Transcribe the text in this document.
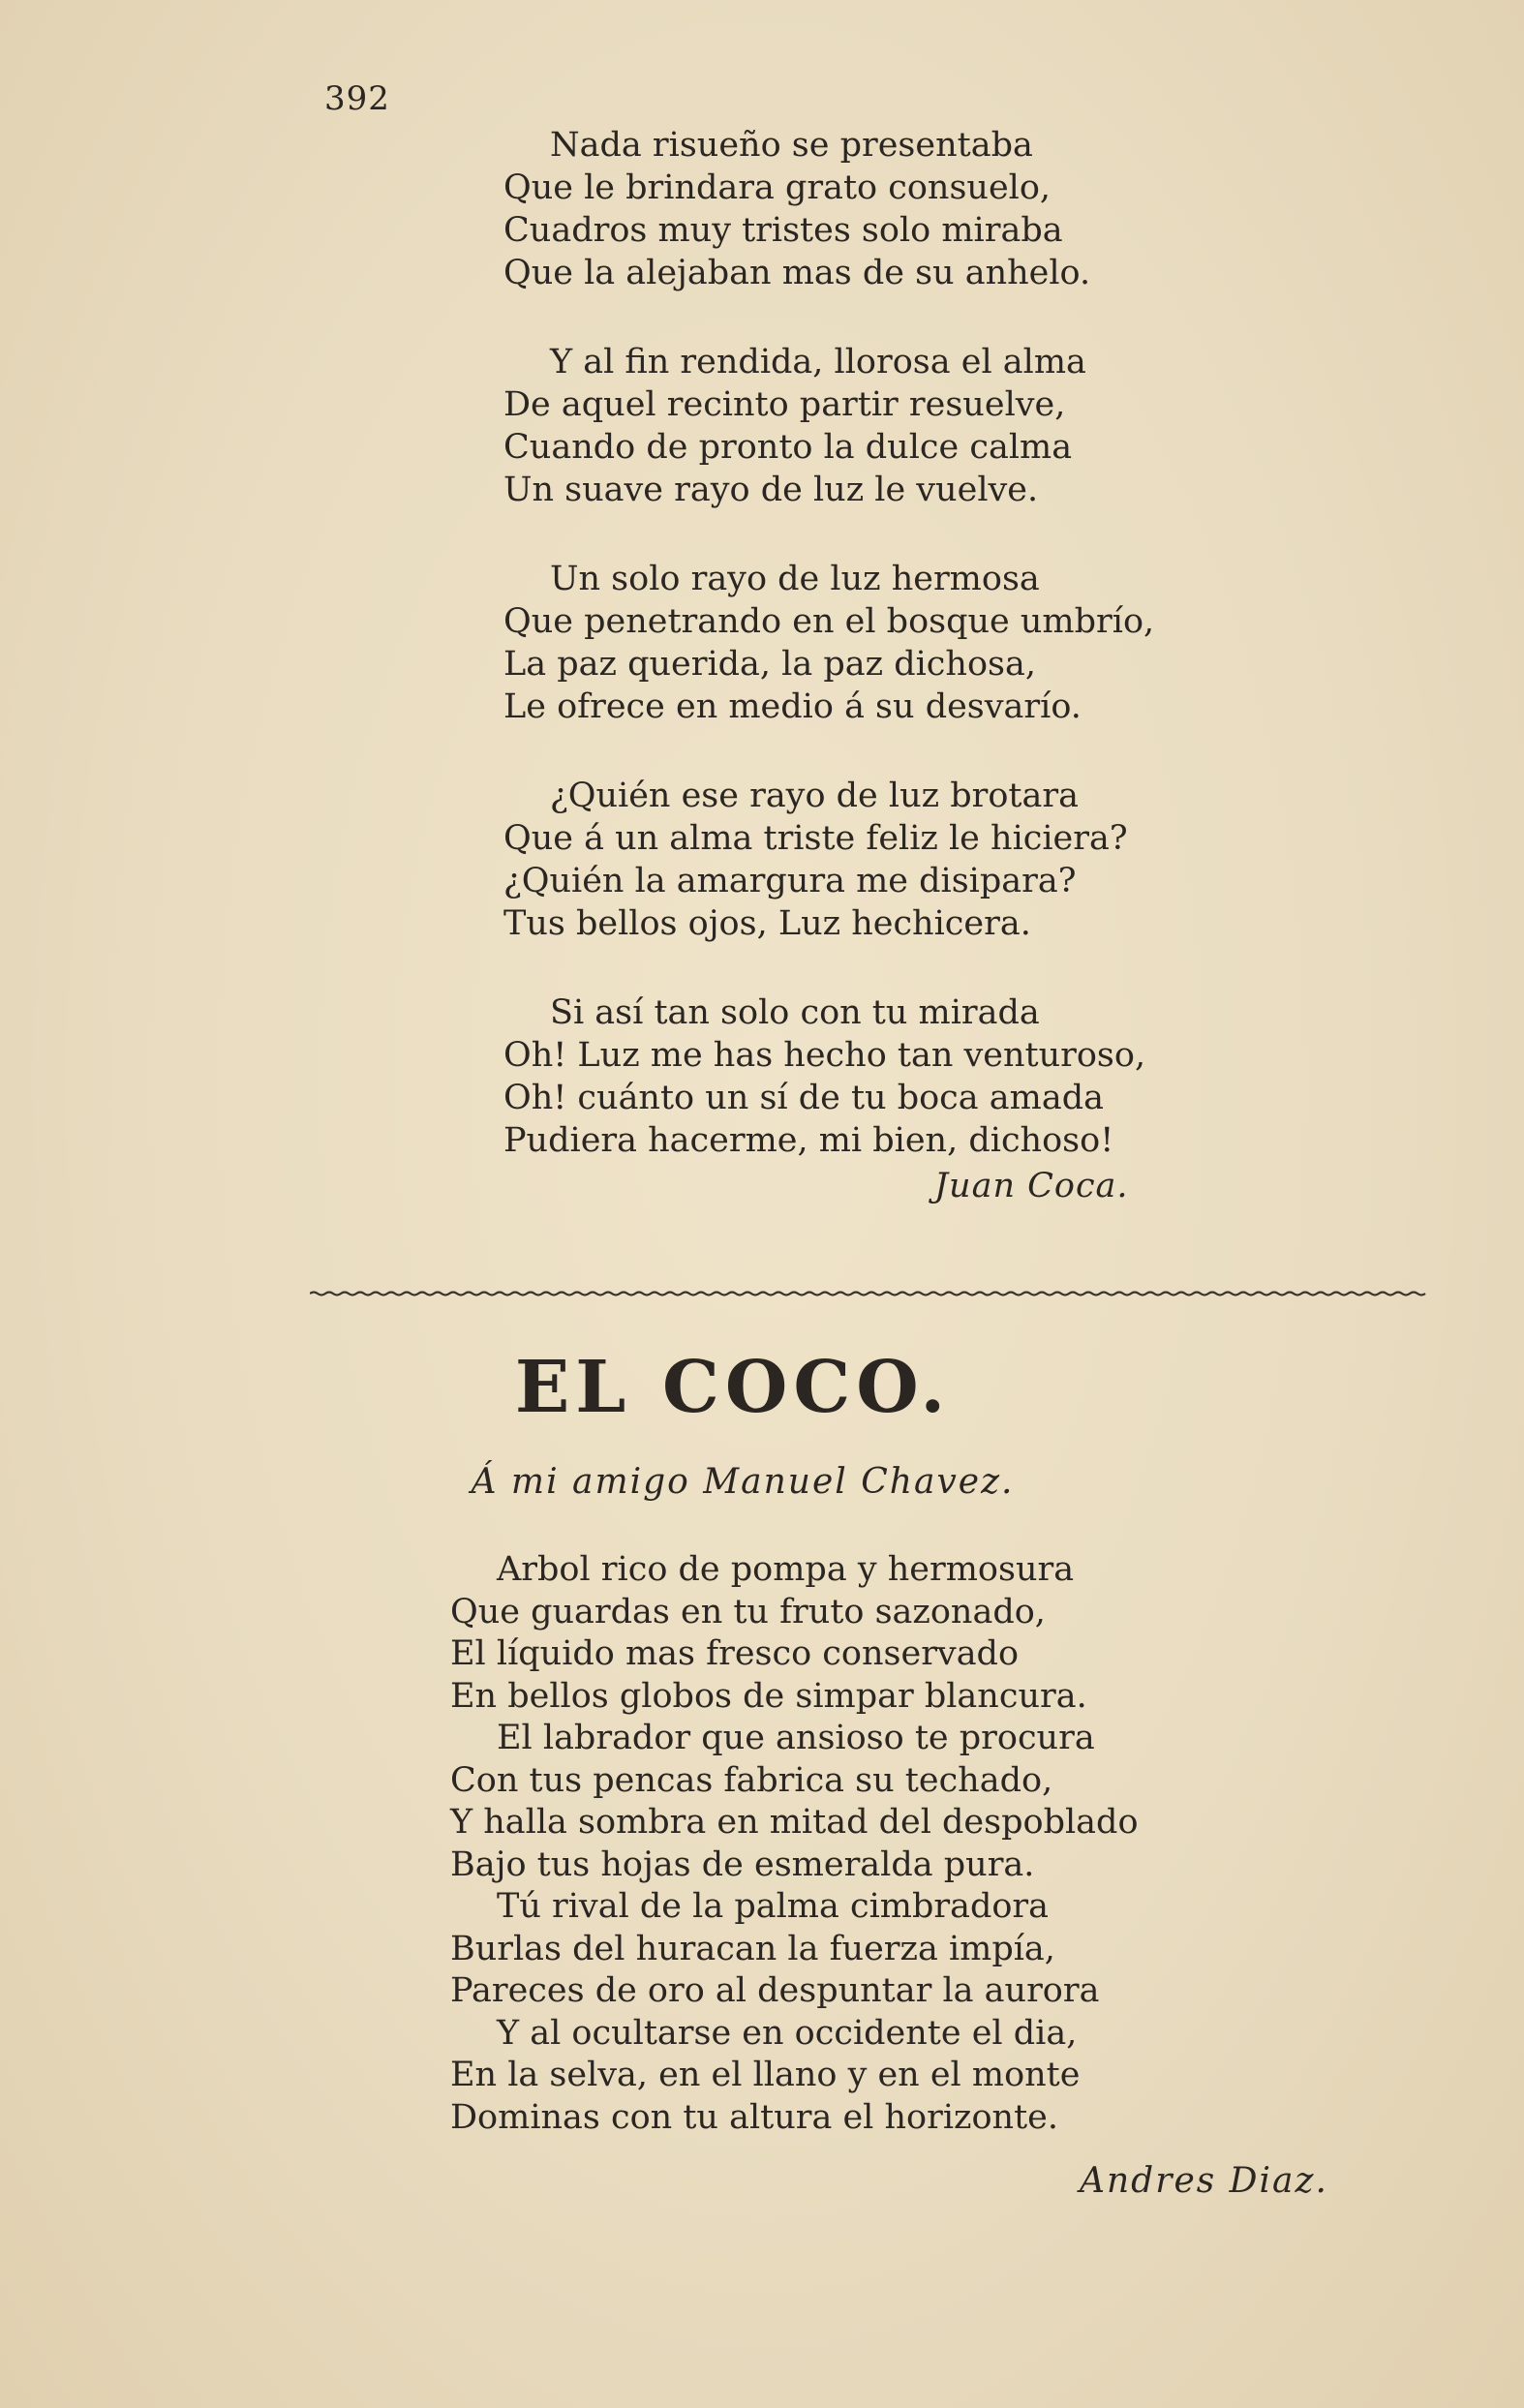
392
Nada risueño se presentaba
Que le brindara grato consuelo,
Cuadros muy tristes solo miraba
Que la alejaban mas de su anhelo.
Y al fin rendida, llorosa el alma
De aquel recinto partir resuelve,
Cuando de pronto la dulce calma
Un suave rayo de luz le vuelve.
Un solo rayo de luz hermosa
Que penetrando en el bosque umbrío,
La paz querida, la paz dichosa,
Le ofrece en medio á su desvarío.
¿Quién ese rayo de luz brotara
Que á un alma triste feliz le hiciera?
¿Quién la amargura me disipara?
Tus bellos ojos, Luz hechicera.
Si así tan solo con tu mirada
Oh! Luz me has hecho tan venturoso,
Oh! cuánto un sí de tu boca amada
Pudiera hacerme, mi bien, dichoso!
Juan Coca.
EL COCO.
Á mi amigo Manuel Chavez.
Arbol rico de pompa y hermosura
Que guardas en tu fruto sazonado,
El líquido mas fresco conservado
En bellos globos de simpar blancura.
El labrador que ansioso te procura
Con tus pencas fabrica su techado,
Y halla sombra en mitad del despoblado
Bajo tus hojas de esmeralda pura.
Tú rival de la palma cimbradora
Burlas del huracan la fuerza impía,
Pareces de oro al despuntar la aurora
Y al ocultarse en occidente el dia,
En la selva, en el llano y en el monte
Dominas con tu altura el horizonte.
Andres Diaz.
